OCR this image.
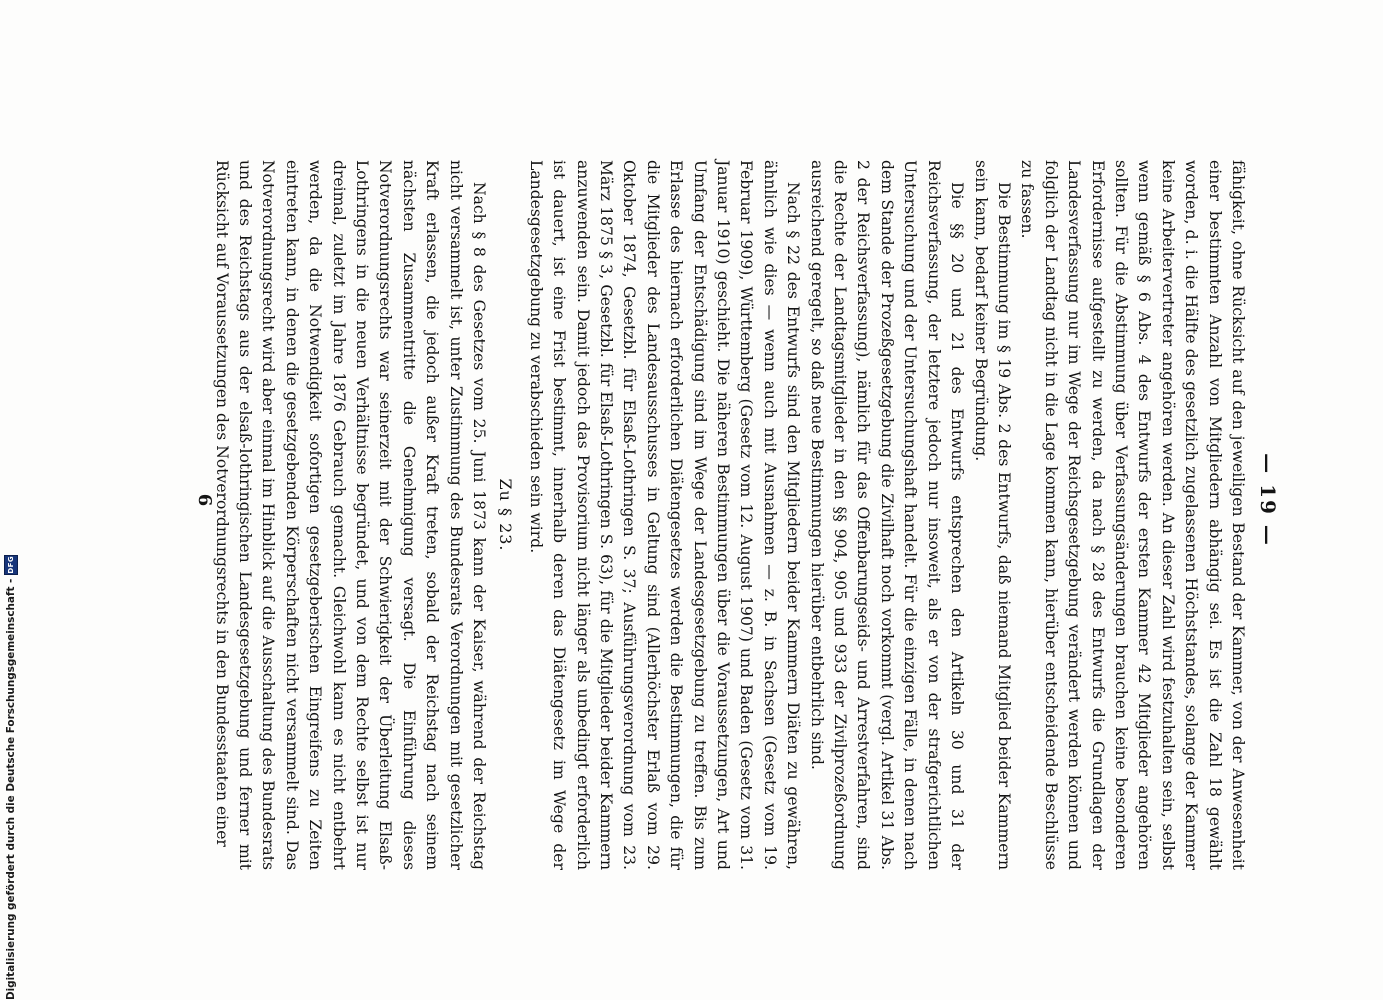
— 19 —

fähigkeit, ohne Rücksicht auf den jeweiligen Bestand der Kammer, von der Anwesenheit einer bestimmten Anzahl von Mitgliedern abhängig sei. Es ist die Zahl 18 gewählt worden, d. i. die Hälfte des gesetzlich zugelassenen Höchststandes, solange der Kammer keine Arbeitervertreter angehören werden. An dieser Zahl wird festzuhalten sein, selbst wenn gemäß § 6 Abs. 4 des Entwurfs der ersten Kammer 42 Mitglieder angehören sollten. Für die Abstimmung über Verfassungsänderungen brauchen keine besonderen Erfordernisse aufgestellt zu werden, da nach § 28 des Entwurfs die Grundlagen der Landesverfassung nur im Wege der Reichsgesetzgebung verändert werden können und folglich der Landtag nicht in die Lage kommen kann, hierüber entscheidende Beschlüsse zu fassen.

Die Bestimmung im § 19 Abs. 2 des Entwurfs, daß niemand Mitglied beider Kammern sein kann, bedarf keiner Begründung.

Die §§ 20 und 21 des Entwurfs entsprechen den Artikeln 30 und 31 der Reichsverfassung, der letztere jedoch nur insoweit, als er von der strafgerichtlichen Untersuchung und der Untersuchungshaft handelt. Für die einzigen Fälle, in denen nach dem Stande der Prozeßgesetzgebung die Zivilhaft noch vorkommt (vergl. Artikel 31 Abs. 2 der Reichsverfassung), nämlich für das Offenbarungseids- und Arrestverfahren, sind die Rechte der Landtagsmitglieder in den §§ 904, 905 und 933 der Zivilprozeßordnung ausreichend geregelt, so daß neue Bestimmungen hierüber entbehrlich sind.

Nach § 22 des Entwurfs sind den Mitgliedern beider Kammern Diäten zu gewähren, ähnlich wie dies — wenn auch mit Ausnahmen — z. B. in Sachsen (Gesetz vom 19. Februar 1909), Württemberg (Gesetz vom 12. August 1907) und Baden (Gesetz vom 31. Januar 1910) geschieht. Die näheren Bestimmungen über die Voraussetzungen, Art und Umfang der Entschädigung sind im Wege der Landesgesetzgebung zu treffen. Bis zum Erlasse des hiernach erforderlichen Diätengesetzes werden die Bestimmungen, die für die Mitglieder des Landesausschusses in Geltung sind (Allerhöchster Erlaß vom 29. Oktober 1874, Gesetzbl. für Elsaß-Lothringen S. 37; Ausführungsverordnung vom 23. März 1875 § 3, Gesetzbl. für Elsaß-Lothringen S. 63), für die Mitglieder beider Kammern anzuwenden sein. Damit jedoch das Provisorium nicht länger als unbedingt erforderlich ist dauert, ist eine Frist bestimmt, innerhalb deren das Diätengesetz im Wege der Landesgesetzgebung zu verabschieden sein wird.

Zu § 23.

Nach § 8 des Gesetzes vom 25. Juni 1873 kann der Kaiser, während der Reichstag nicht versammelt ist, unter Zustimmung des Bundesrats Verordnungen mit gesetzlicher Kraft erlassen, die jedoch außer Kraft treten, sobald der Reichstag nach seinem nächsten Zusammentritte die Genehmigung versagt. Die Einführung dieses Notverordnungsrechts war seinerzeit mit der Schwierigkeit der Überleitung Elsaß-Lothringens in die neuen Verhältnisse begründet, und von dem Rechte selbst ist nur dreimal, zuletzt im Jahre 1876 Gebrauch gemacht. Gleichwohl kann es nicht entbehrt werden, da die Notwendigkeit sofortigen gesetzgeberischen Eingreifens zu Zeiten eintreten kann, in denen die gesetzgebenden Körperschaften nicht versammelt sind. Das Notverordnungsrecht wird aber einmal im Hinblick auf die Ausschaltung des Bundesrats und des Reichstags aus der elsaß-lothringischen Landesgesetzgebung und ferner mit Rücksicht auf Voraussetzungen des Notverordnungsrechts in den Bundesstaaten einer

6
Digitalisierung gefördert durch die Deutsche Forschungsgemeinschaft -
DFG
